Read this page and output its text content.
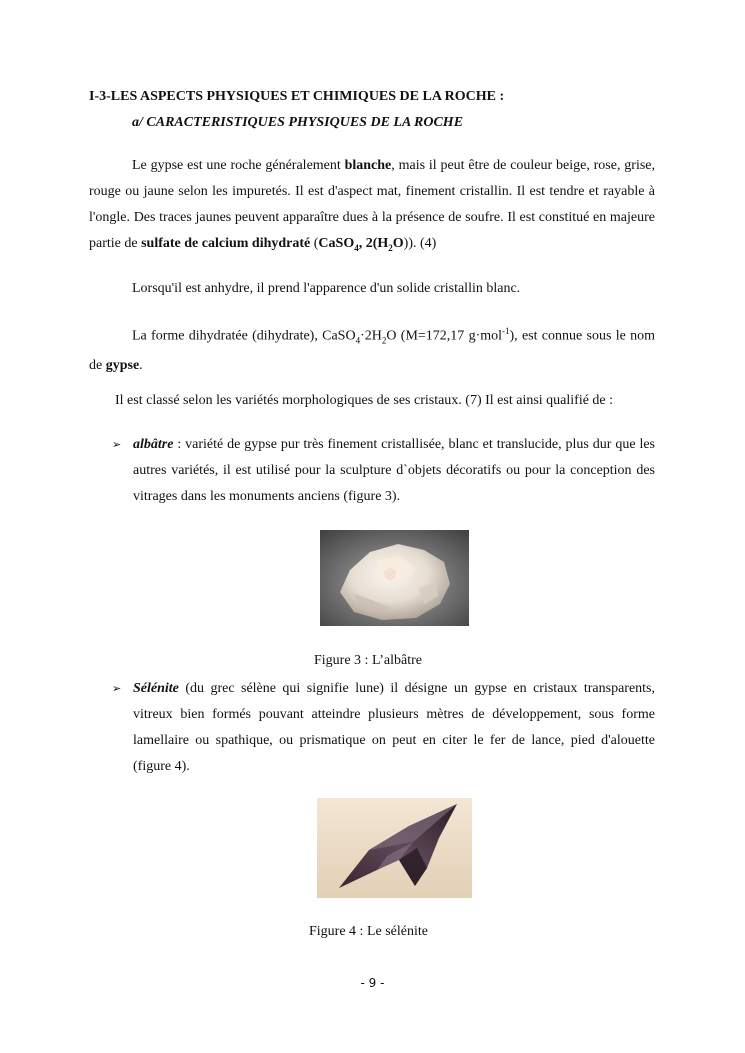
I-3-LES ASPECTS PHYSIQUES ET CHIMIQUES DE LA ROCHE :
a/ CARACTERISTIQUES PHYSIQUES DE LA ROCHE
Le gypse est une roche généralement blanche, mais il peut être de couleur beige, rose, grise, rouge ou jaune selon les impuretés. Il est d'aspect mat, finement cristallin. Il est tendre et rayable à l'ongle. Des traces jaunes peuvent apparaître dues à la présence de soufre. Il est constitué en majeure partie de sulfate de calcium dihydraté (CaSO$_4$, $2(H_2O)$). (4)
Lorsqu'il est anhydre, il prend l'apparence d'un solide cristallin blanc.
La forme dihydratée (dihydrate), $CaSO_4\cdot 2H_2O$ (M=172,17 g·mol$^{-1}$), est connue sous le nom de gypse.
Il est classé selon les variétés morphologiques de ses cristaux. (7) Il est ainsi qualifié de :
➢ albâtre : variété de gypse pur très finement cristallisée, blanc et translucide, plus dur que les autres variétés, il est utilisé pour la sculpture d`objets décoratifs ou pour la conception des vitrages dans les monuments anciens (figure 3).
Figure 3 : L’albâtre
➢ Sélénite (du grec sélène qui signifie lune) il désigne un gypse en cristaux transparents, vitreux bien formés pouvant atteindre plusieurs mètres de développement, sous forme lamellaire ou spathique, ou prismatique on peut en citer le fer de lance, pied d'alouette (figure 4).
Figure 4 : Le sélénite
- 9 -
